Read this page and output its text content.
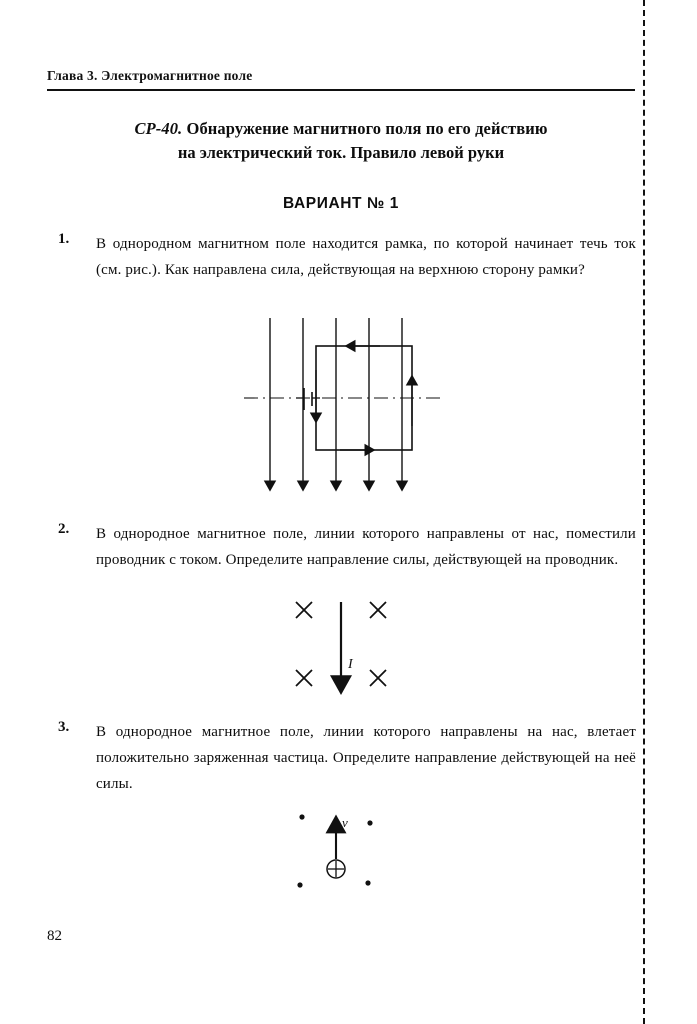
Глава 3. Электромагнитное поле
СР-40. Обнаружение магнитного поля по его действию
на электрический ток. Правило левой руки
ВАРИАНТ № 1
1.	В однородном магнитном поле находится рамка, по которой начинает течь ток (см. рис.). Как направлена сила, действующая на верхнюю сторону рамки?

2.	В однородное магнитное поле, линии которого направлены от нас, поместили проводник с током. Определите направление силы, действующей на проводник.

I
3.	В однородное магнитное поле, линии которого направлены на нас, влетает положительно заряженная частица. Определите направление действующей на неё силы.

v⃗
82
